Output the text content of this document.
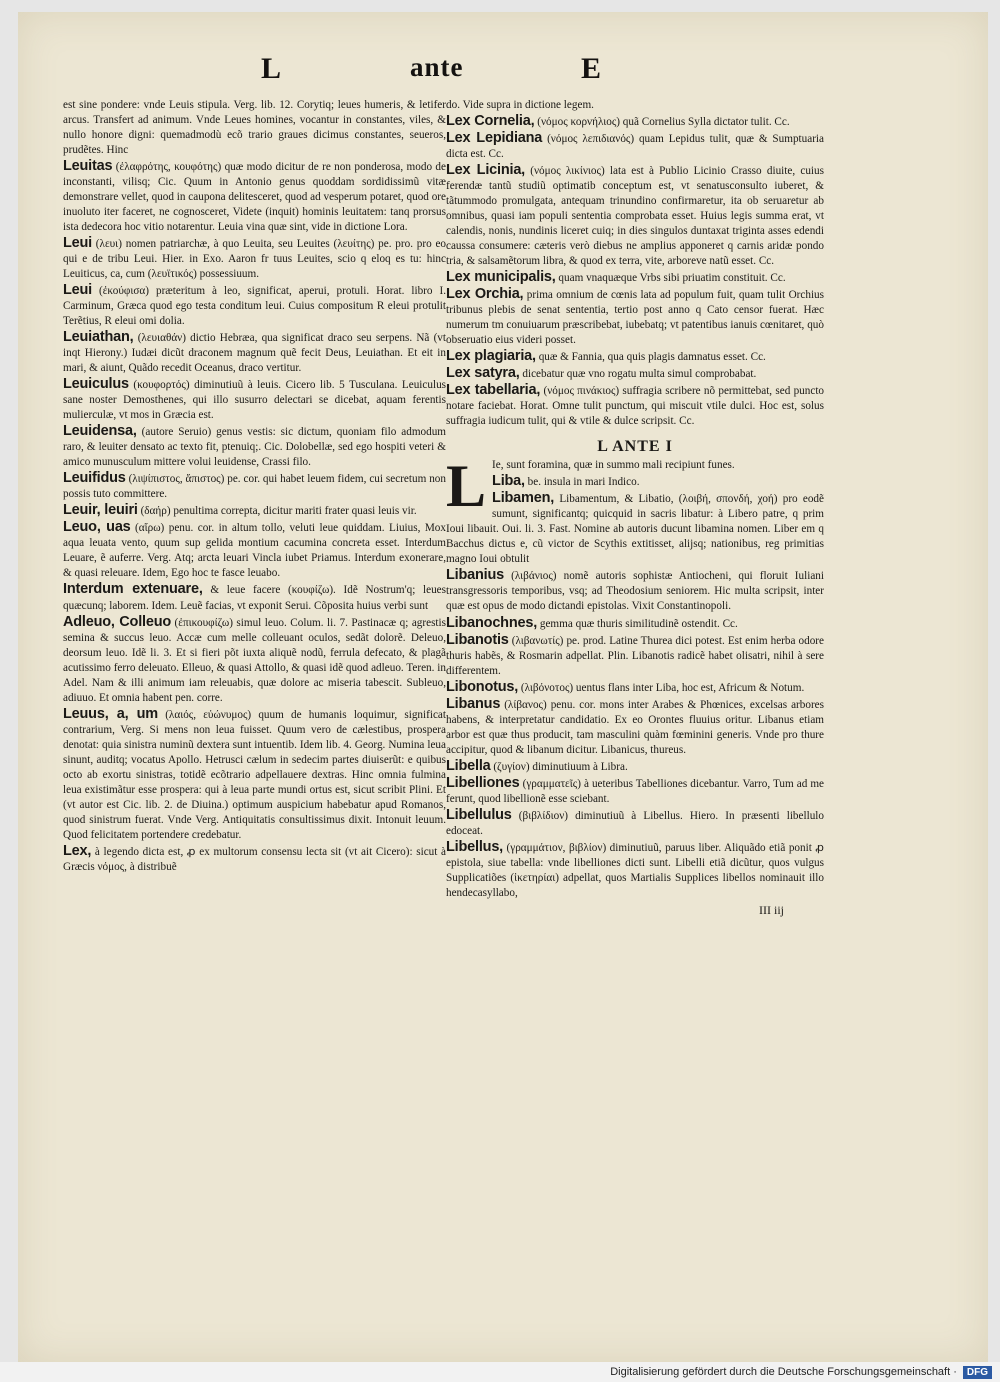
L	ante	E
est sine pondere: vnde Leuis stipula. Verg. lib. 12. Corytiq; leues humeris, & letifer arcus. Transfert ad animum. Vnde Leues homines, vocantur in constantes, viles, & nullo honore digni: quemadmodù ecõ trario graues dicimus constantes, seueros, prudẽtes. Hinc
Leuitas (ἐλαφρότης, κουφότης) quæ modo dicitur de re non ponderosa, modo de inconstanti, vilisq; Cic. Quum in Antonio genus quoddam sordidissimũ vitæ demonstrare vellet, quod in caupona delitesceret, quod ad vesperum potaret, quod ore inuoluto iter faceret, ne cognosceret, Videte (inquit) hominis leuitatem: tanq prorsus ista dedecora hoc vitio notarentur. Leuia vina quæ sint, vide in dictione Lora.
Leui (λευι) nomen patriarchæ, à quo Leuita, seu Leuites (λευίτης) pe. pro. pro eo qui e de tribu Leui. Hier. in Exo. Aaron fr tuus Leuites, scio q eloq es tu: hinc Leuiticus, ca, cum (λευϊτικός) possessiuum.
Leui (ἐκούφισα) præteritum à leo, significat, aperui, protuli. Horat. libro I. Carminum, Græca quod ego testa conditum leui. Cuius compositum R eleui protulit Terẽtius, R eleui omi dolia.
Leuiathan, (λευιαθάν) dictio Hebræa, qua significat draco seu serpens. Nã (vt inqt Hierony.) Iudæi dicũt draconem magnum quẽ fecit Deus, Leuiathan. Et eit in mari, & aiunt, Quãdo recedit Oceanus, draco vertitur.
Leuiculus (κουφορτός) diminutiuũ à leuis. Cicero lib. 5 Tusculana. Leuiculus sane noster Demosthenes, qui illo susurro delectari se dicebat, aquam ferentis mulierculæ, vt mos in Græcia est.
Leuidensa, (autore Seruio) genus vestis: sic dictum, quoniam filo admodum raro, & leuiter densato ac texto fit, ptenuiq;. Cic. Dolobellæ, sed ego hospiti veteri & amico munusculum mittere volui leuidense, Crassi filo.
Leuifidus (λιψίπιστος, ἄπιστος) pe. cor. qui habet leuem fidem, cui secretum non possis tuto committere.
Leuir, leuiri (δαήρ) penultima correpta, dicitur mariti frater quasi leuis vir.
Leuo, uas (αἴρω) penu. cor. in altum tollo, veluti leue quiddam. Liuius, Mox aqua leuata vento, quum sup gelida montium cacumina concreta esset. Interdum Leuare, ẽ auferre. Verg. Atq; arcta leuari Vincla iubet Priamus. Interdum exonerare, & quasi releuare. Idem, Ego hoc te fasce leuabo.
Interdum extenuare, & leue facere (κουφίζω). Idẽ Nostrum'q; leues quæcunq; laborem. Idem. Leuẽ facias, vt exponit Serui. Cõposita huius verbi sunt
Adleuo, Colleuo (ἐπικουφίζω) simul leuo. Colum. li. 7. Pastinacæ q; agrestis semina & succus leuo. Accæ cum melle colleuant oculos, sedãt dolorẽ. Deleuo, deorsum leuo. Idẽ li. 3. Et si fieri põt iuxta aliquẽ nodũ, ferrula defecato, & plagã acutissimo ferro deleuato. Elleuo, & quasi Attollo, & quasi idẽ quod adleuo. Teren. in Adel. Nam & illi animum iam releuabis, quæ dolore ac miseria tabescit. Subleuo, adiuuo. Et omnia habent pen. corre.
Leuus, a, um (λαιός, εὐώνυμος) quum de humanis loquimur, significat contrarium, Verg. Si mens non leua fuisset. Quum vero de cælestibus, prospera denotat: quia sinistra numinũ dextera sunt intuentib. Idem lib. 4. Georg. Numina leua sinunt, auditq; vocatus Apollo. Hetrusci cælum in sedecim partes diuiserũt: e quibus octo ab exortu sinistras, totidẽ ecõtrario adpellauere dextras. Hinc omnia fulmina leua existimãtur esse prospera: qui à leua parte mundi ortus est, sicut scribit Plini. Et (vt autor est Cic. lib. 2. de Diuina.) optimum auspicium habebatur apud Romanos, quod sinistrum fuerat. Vnde Verg. Antiquitatis consultissimus dixit. Intonuit leuum. Quod felicitatem portendere credebatur.
Lex, à legendo dicta est, ꝓ ex multorum consensu lecta sit (vt ait Cicero): sicut à Græcis νόμος, à distribuẽ
do. Vide supra in dictione legem.
Lex Cornelia, (νόμος κορνήλιος) quã Cornelius Sylla dictator tulit. Cc.
Lex Lepidiana (νόμος λεπιδιανός) quam Lepidus tulit, quæ & Sumptuaria dicta est. Cc.
Lex Licinia, (νόμος λικίνιος) lata est à Publio Licinio Crasso diuite, cuius ferendæ tantũ studiũ optimatib conceptum est, vt senatusconsulto iuberet, & tãtummodo promulgata, antequam trinundino confirmaretur, ita ob seruaretur ab omnibus, quasi iam populi sententia comprobata esset. Huius legis summa erat, vt calendis, nonis, nundinis liceret cuiq; in dies singulos duntaxat triginta asses edendi caussa consumere: cæteris verò diebus ne amplius apponeret q carnis aridæ pondo tria, & salsamẽtorum libra, & quod ex terra, vite, arboreve natũ esset. Cc.
Lex municipalis, quam vnaquæque Vrbs sibi priuatim constituit. Cc.
Lex Orchia, prima omnium de cœnis lata ad populum fuit, quam tulit Orchius tribunus plebis de senat sententia, tertio post anno q Cato censor fuerat. Hæc numerum tm conuiuarum præscribebat, iubebatq; vt patentibus ianuis cœnitaret, quò obseruatio eius videri posset.
Lex plagiaria, quæ & Fannia, qua quis plagis damnatus esset. Cc.
Lex satyra, dicebatur quæ vno rogatu multa simul comprobabat.
Lex tabellaria, (νόμος πινάκιος) suffragia scribere nõ permittebat, sed puncto notare faciebat. Horat. Omne tulit punctum, qui miscuit vtile dulci. Hoc est, solus suffragia iudicum tulit, qui & vtile & dulce scripsit. Cc.
L ANTE I
L Ie, sunt foramina, quæ in summo mali recipiunt funes.
Liba, be. insula in mari Indico.
Libamen, Libamentum, & Libatio, (λοιβή, σπονδή, χοή) pro eodẽ sumunt, significantq; quicquid in sacris libatur: à Libero patre, q prim Ioui libauit. Oui. li. 3. Fast. Nomine ab autoris ducunt libamina nomen. Liber em q Bacchus dictus e, cũ victor de Scythis extitisset, alijsq; nationibus, reg primitias magno Ioui obtulit
Libanius (λιβάνιος) nomẽ autoris sophistæ Antiocheni, qui floruit Iuliani transgressoris temporibus, vsq; ad Theodosium seniorem. Hic multa scripsit, inter quæ est opus de modo dictandi epistolas. Vixit Constantinopoli.
Libanochnes, gemma quæ thuris similitudinẽ ostendit. Cc.
Libanotis (λιβανωτίς) pe. prod. Latine Thurea dici potest. Est enim herba odore thuris habẽs, & Rosmarin adpellat. Plin. Libanotis radicẽ habet olisatri, nihil à sere differentem.
Libonotus, (λιβόνοτος) uentus flans inter Liba, hoc est, Africum & Notum.
Libanus (λίβανος) penu. cor. mons inter Arabes & Phœnices, excelsas arbores habens, & interpretatur candidatio. Ex eo Orontes fluuius oritur. Libanus etiam arbor est quæ thus producit, tam masculini quàm fœminini generis. Vnde pro thure accipitur, quod & libanum dicitur. Libanicus, thureus.
Libella (ζυγίον) diminutiuum à Libra.
Libelliones (γραμματεῖς) à ueteribus Tabelliones dicebantur. Varro, Tum ad me ferunt, quod libellionẽ esse sciebant.
Libellulus (βιβλίδιον) diminutiuũ à Libellus. Hiero. In præsenti libellulo edoceat.
Libellus, (γραμμάτιον, βιβλίον) diminutiuũ, paruus liber. Aliquãdo etiã ponit ꝓ epistola, siue tabella: vnde libelliones dicti sunt. Libelli etiã dicũtur, quos vulgus Supplicatiões (ἱκετηρίαι) adpellat, quos Martialis Supplices libellos nominauit illo hendecasyllabo,
III iij
Digitalisierung gefördert durch die Deutsche Forschungsgemeinschaft ·	DFG
